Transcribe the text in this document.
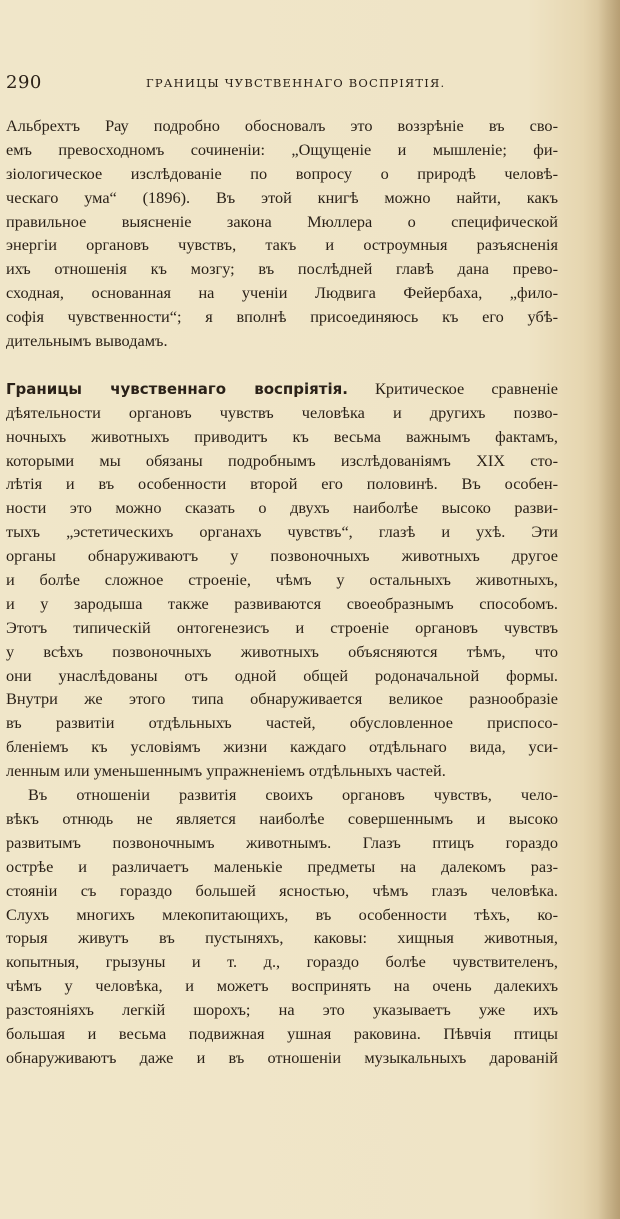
290	ГРАНИЦЫ ЧУВСТВЕННАГО ВОСПРІЯТІЯ.
Альбрехтъ Рау подробно обосновалъ это воззрѣніе въ сво-
емъ превосходномъ сочиненіи: „Ощущеніе и мышленіе; фи-
зіологическое изслѣдованіе по вопросу о природѣ человѣ-
ческаго ума“ (1896). Въ этой книгѣ можно найти, какъ
правильное выясненіе закона Мюллера о специфической
энергіи органовъ чувствъ, такъ и остроумныя разъясненія
ихъ отношенія къ мозгу; въ послѣдней главѣ дана прево-
сходная, основанная на ученіи Людвига Фейербаха, „фило-
софія чувственности“; я вполнѣ присоединяюсь къ его убѣ-
дительнымъ выводамъ.
Границы чувственнаго воспріятія. Критическое сравненіе
дѣятельности органовъ чувствъ человѣка и другихъ позво-
ночныхъ животныхъ приводитъ къ весьма важнымъ фактамъ,
которыми мы обязаны подробнымъ изслѣдованіямъ XIX сто-
лѣтія и въ особенности второй его половинѣ. Въ особен-
ности это можно сказать о двухъ наиболѣе высоко разви-
тыхъ „эстетическихъ органахъ чувствъ“, глазѣ и ухѣ. Эти
органы обнаруживаютъ у позвоночныхъ животныхъ другое
и болѣе сложное строеніе, чѣмъ у остальныхъ животныхъ,
и у зародыша также развиваются своеобразнымъ способомъ.
Этотъ типическій онтогенезисъ и строеніе органовъ чувствъ
у всѣхъ позвоночныхъ животныхъ объясняются тѣмъ, что
они унаслѣдованы отъ одной общей родоначальной формы.
Внутри же этого типа обнаруживается великое разнообразіе
въ развитіи отдѣльныхъ частей, обусловленное приспосо-
бленіемъ къ условіямъ жизни каждаго отдѣльнаго вида, уси-
ленным или уменьшеннымъ упражненіемъ отдѣльныхъ частей.
Въ отношеніи развитія своихъ органовъ чувствъ, чело-
вѣкъ отнюдь не является наиболѣе совершеннымъ и высоко
развитымъ позвоночнымъ животнымъ. Глазъ птицъ гораздо
острѣе и различаетъ маленькіе предметы на далекомъ раз-
стояніи съ гораздо большей ясностью, чѣмъ глазъ человѣка.
Слухъ многихъ млекопитающихъ, въ особенности тѣхъ, ко-
торыя живутъ въ пустыняхъ, каковы: хищныя животныя,
копытныя, грызуны и т. д., гораздо болѣе чувствителенъ,
чѣмъ у человѣка, и можетъ воспринять на очень далекихъ
разстояніяхъ легкій шорохъ; на это указываетъ уже ихъ
большая и весьма подвижная ушная раковина. Пѣвчія птицы
обнаруживаютъ даже и въ отношеніи музыкальныхъ дарованій
